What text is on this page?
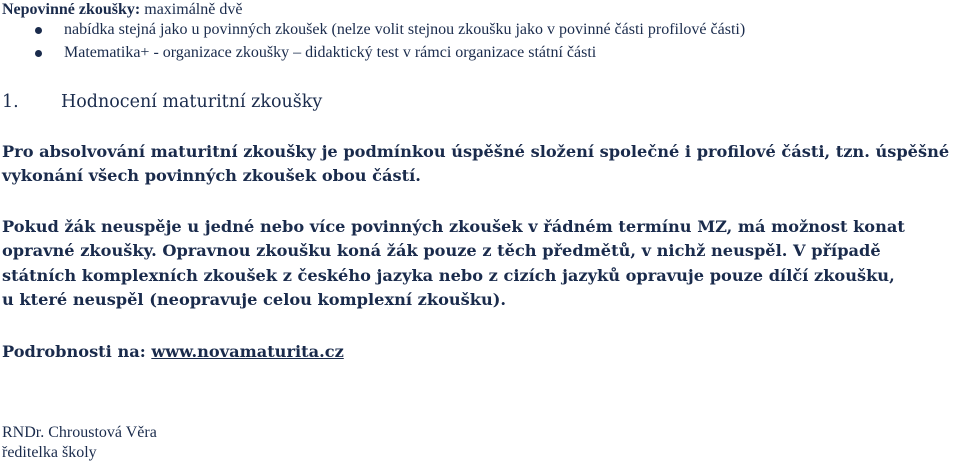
Nepovinné zkoušky: maximálně dvě
nabídka stejná jako u povinných zkoušek (nelze volit stejnou zkoušku jako v povinné části profilové části)
Matematika+ - organizace zkoušky – didaktický test v rámci organizace státní části
1. Hodnocení maturitní zkoušky
Pro absolvování maturitní zkoušky je podmínkou úspěšné složení společné i profilové části, tzn. úspěšné
vykonání všech povinných zkoušek obou částí.
Pokud žák neuspěje u jedné nebo více povinných zkoušek v řádném termínu MZ, má možnost konat
opravné zkoušky. Opravnou zkoušku koná žák pouze z těch předmětů, v nichž neuspěl. V případě
státních komplexních zkoušek z českého jazyka nebo z cizích jazyků opravuje pouze dílčí zkoušku,
u které neuspěl (neopravuje celou komplexní zkoušku).
Podrobnosti na: www.novamaturita.cz
RNDr. Chroustová Věra
ředitelka školy
